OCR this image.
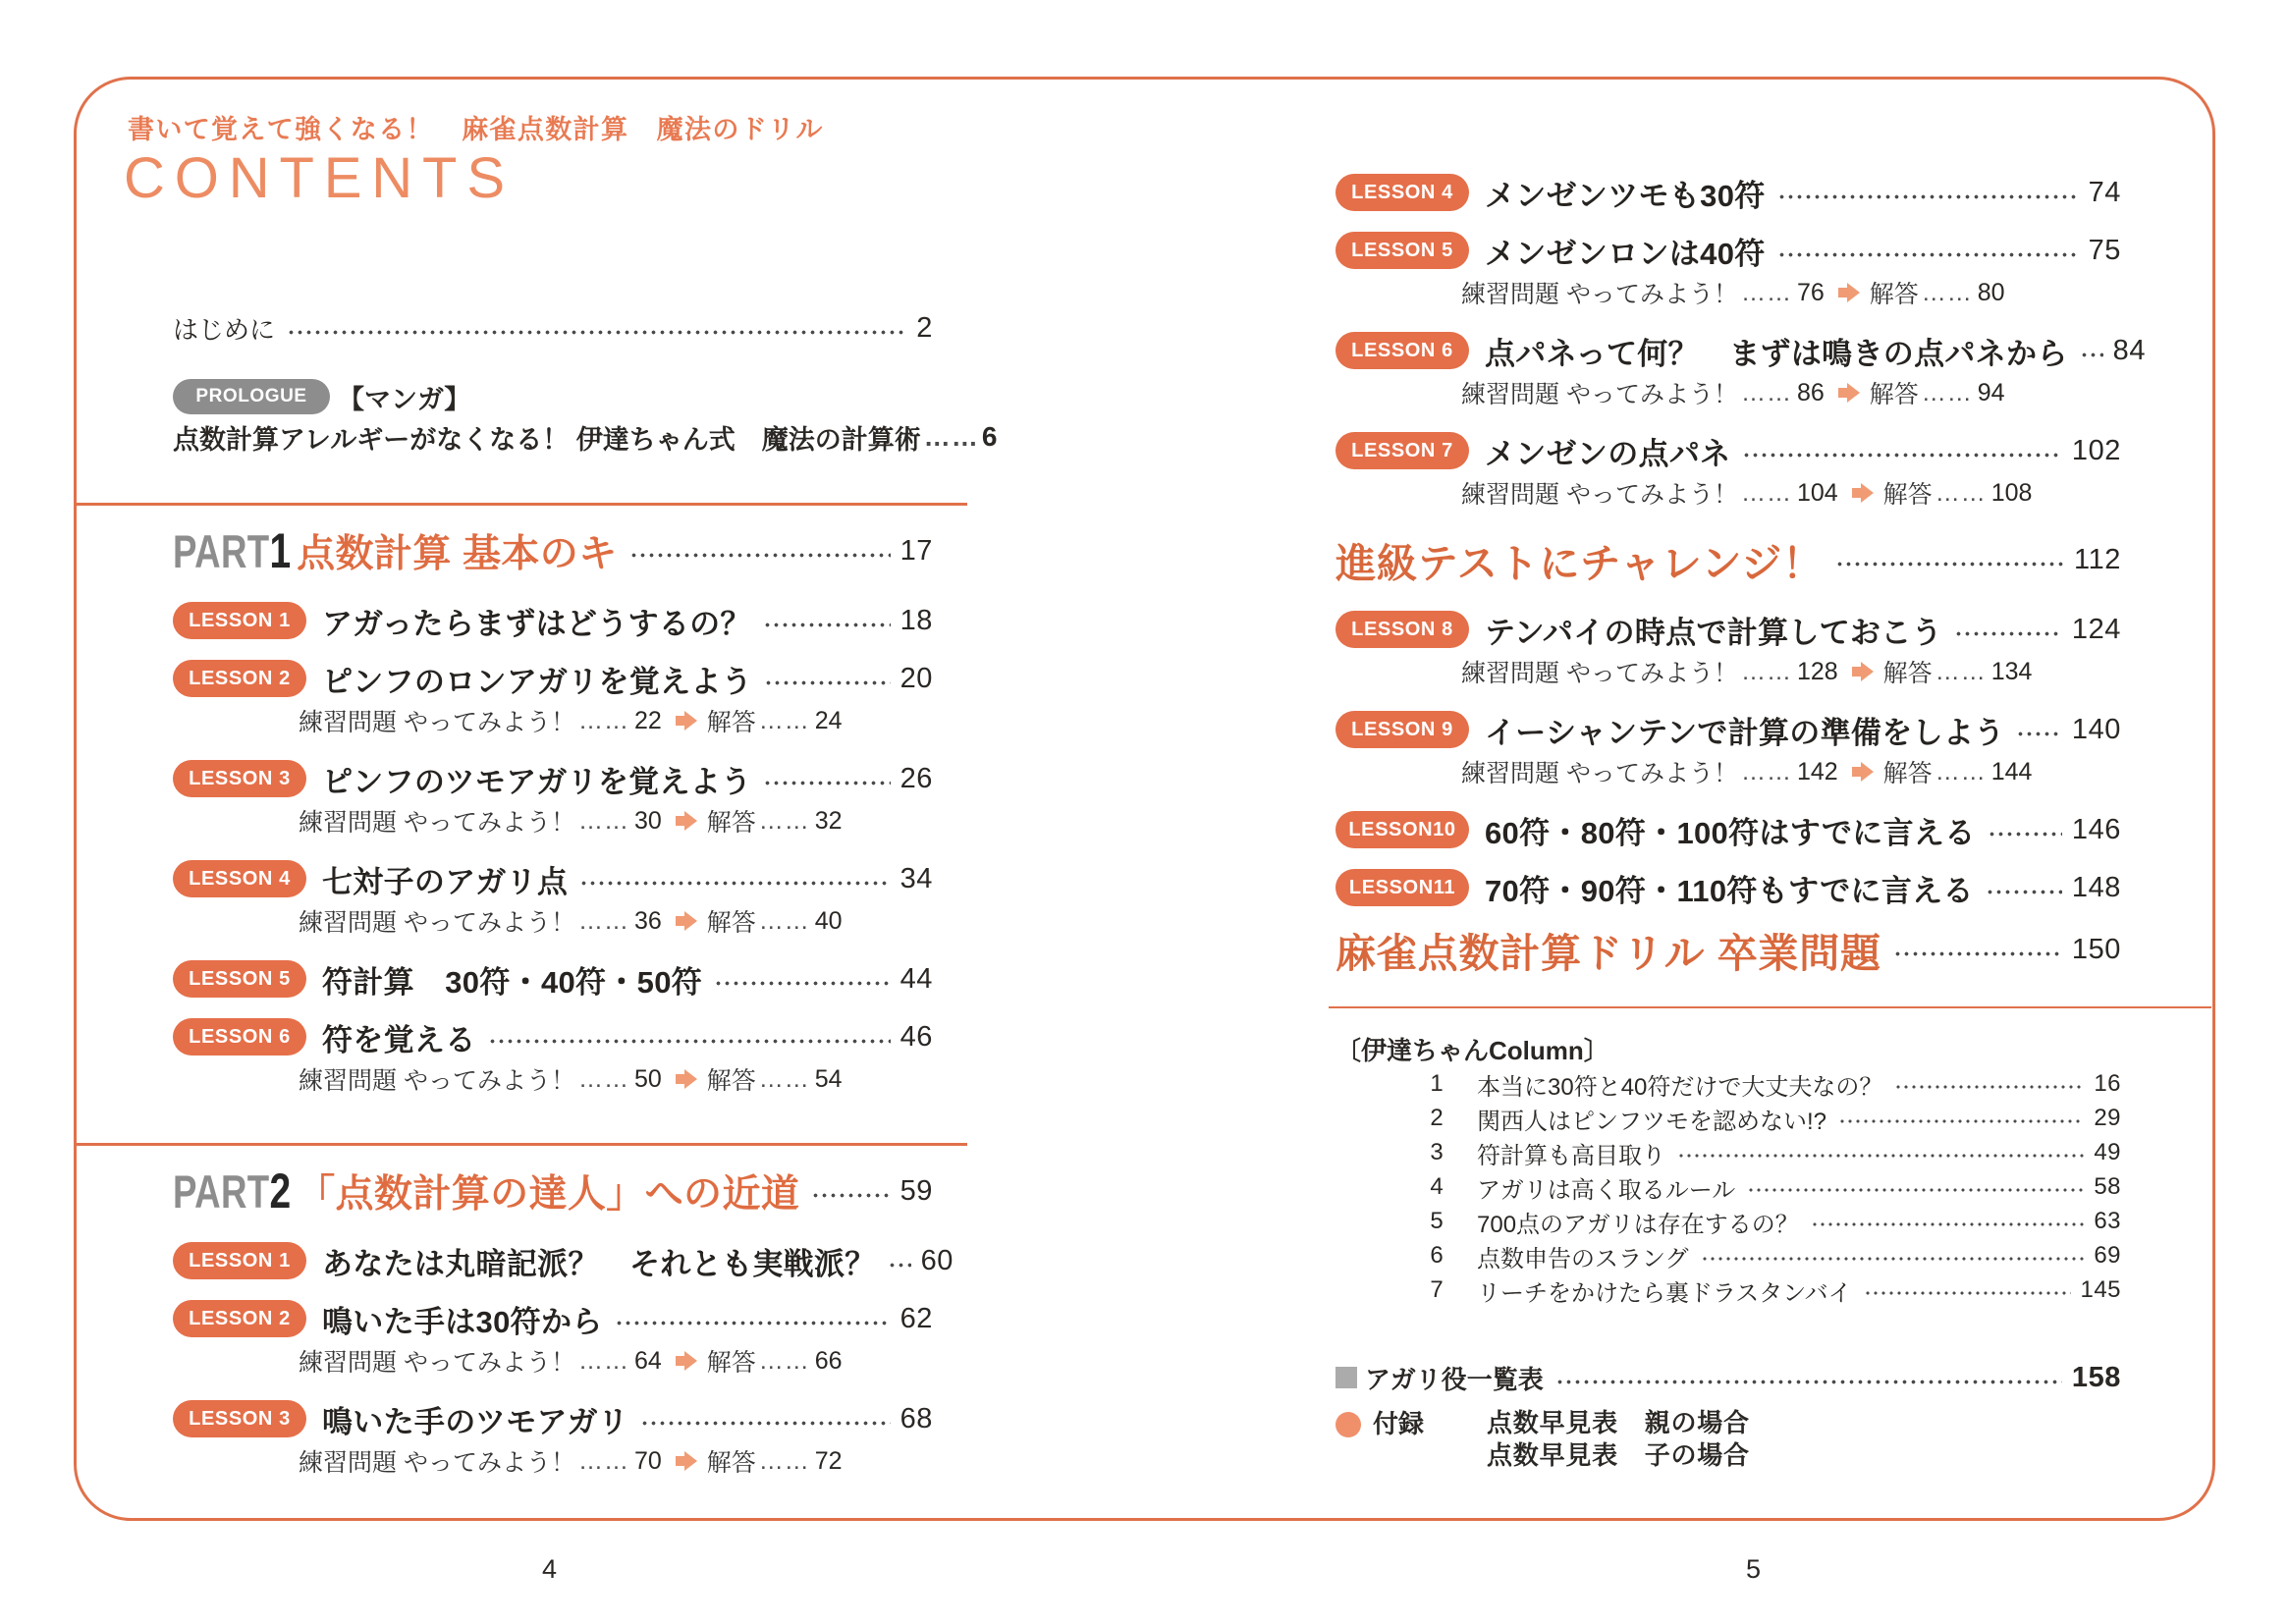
書いて覚えて強くなる！　麻雀点数計算　魔法のドリル
CONTENTS
はじめに	2
PROLOGUE	【マンガ】
点数計算アレルギーがなくなる！ 伊達ちゃん式　魔法の計算術 …… 6
PART1 点数計算 基本のキ	17
LESSON 1	アガったらまずはどうするの？	18
LESSON 2	ピンフのロンアガリを覚えよう	20
練習問題 やってみよう！ …… 22 解答 …… 24
LESSON 3	ピンフのツモアガリを覚えよう	26
練習問題 やってみよう！ …… 30 解答 …… 32
LESSON 4	七対子のアガリ点	34
練習問題 やってみよう！ …… 36 解答 …… 40
LESSON 5	符計算　30符・40符・50符	44
LESSON 6	符を覚える	46
練習問題 やってみよう！ …… 50 解答 …… 54
PART2 「点数計算の達人」への近道	59
LESSON 1	あなたは丸暗記派？　それとも実戦派？ 60
LESSON 2	鳴いた手は30符から	62
練習問題 やってみよう！ …… 64 解答 …… 66
LESSON 3	鳴いた手のツモアガリ	68
練習問題 やってみよう！ …… 70 解答 …… 72
LESSON 4	メンゼンツモも30符	74
LESSON 5	メンゼンロンは40符	75
練習問題 やってみよう！ …… 76 解答 …… 80
LESSON 6	点パネって何？　まずは鳴きの点パネから 84
練習問題 やってみよう！ …… 86 解答 …… 94
LESSON 7	メンゼンの点パネ	102
練習問題 やってみよう！ …… 104 解答 …… 108
進級テストにチャレンジ！	112
LESSON 8	テンパイの時点で計算しておこう	124
練習問題 やってみよう！ …… 128 解答 …… 134
LESSON 9	イーシャンテンで計算の準備をしよう 140
練習問題 やってみよう！ …… 142 解答 …… 144
LESSON10 60符・80符・100符はすでに言える	146
LESSON11 70符・90符・110符もすでに言える	148
麻雀点数計算ドリル 卒業問題	150
〔伊達ちゃんColumn〕
1	本当に30符と40符だけで大丈夫なの？	16
2	関西人はピンフツモを認めない!?	29
3	符計算も高目取り	49
4	アガリは高く取るルール	58
5	700点のアガリは存在するの？	63
6	点数申告のスラング	69
7	リーチをかけたら裏ドラスタンバイ	145
アガリ役一覧表	158
付録 点数早見表　親の場合
点数早見表　子の場合
4	5
